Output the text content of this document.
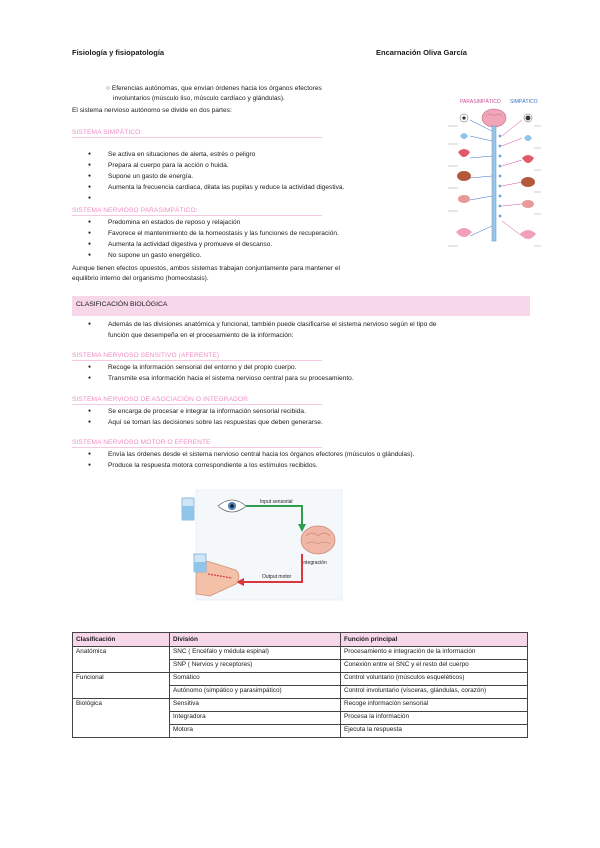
Fisiología y fisiopatología	Encarnación Oliva García
○ Eferencias autónomas, que envían órdenes hacia los órganos efectores
involuntarios (músculo liso, músculo cardíaco y glándulas).
El sistema nervioso autónomo se divide en dos partes:
SISTEMA SIMPÁTICO:
● Se activa en situaciones de alerta, estrés o peligro
● Prepara al cuerpo para la acción o huida.
● Supone un gasto de energía.
● Aumenta la frecuencia cardiaca, dilata las pupilas y reduce la actividad digestiva.
SISTEMA NERVIOSO PARASIMPÁTICO:
● Predomina en estados de reposo y relajación
● Favorece el mantenimiento de la homeostasis y las funciones de recuperación.
● Aumenta la actividad digestiva y promueve el descanso.
● No supone un gasto energético.
Aunque tienen efectos opuestos, ambos sistemas trabajan conjuntamente para mantener el
equilibrio interno del organismo (homeostasis).
PARASIMPÁTICO SIMPÁTICO
CLASIFICACIÓN BIOLÓGICA
● Además de las divisiones anatómica y funcional, también puede clasificarse el sistema nervioso según el tipo de
función que desempeña en el procesamiento de la información:
SISTEMA NERVIOSO SENSITIVO (AFERENTE)
● Recoge la información sensorial del entorno y del propio cuerpo.
● Transmite esa información hacia el sistema nervioso central para su procesamiento.
SISTEMA NERVIOSO DE ASOCIACIÓN O INTEGRADOR
● Se encarga de procesar e integrar la información sensorial recibida.
● Aquí se toman las decisiones sobre las respuestas que deben generarse.
SISTEMA NERVIOSO MOTOR O EFERENTE
● Envía las órdenes desde el sistema nervioso central hacia los órganos efectores (músculos o glándulas).
● Produce la respuesta motora correspondiente a los estímulos recibidos.
Input sensorial
Integración
Output motor
Clasificación	División	Función principal
Anatómica	SNC ( Encéfalo y médula espinal)	Procesamiento e integración de la información
	SNP ( Nervios y receptores)	Conexión entre el SNC y el resto del cuerpo
Funcional	Somático	Control voluntario (músculos esqueléticos)
	Autónomo (simpático y parasimpático)	Control involuntario (vísceras, glándulas, corazón)
Biológica	Sensitiva	Recoge información sensorial
	Integradora	Procesa la información
	Motora	Ejecuta la respuesta
